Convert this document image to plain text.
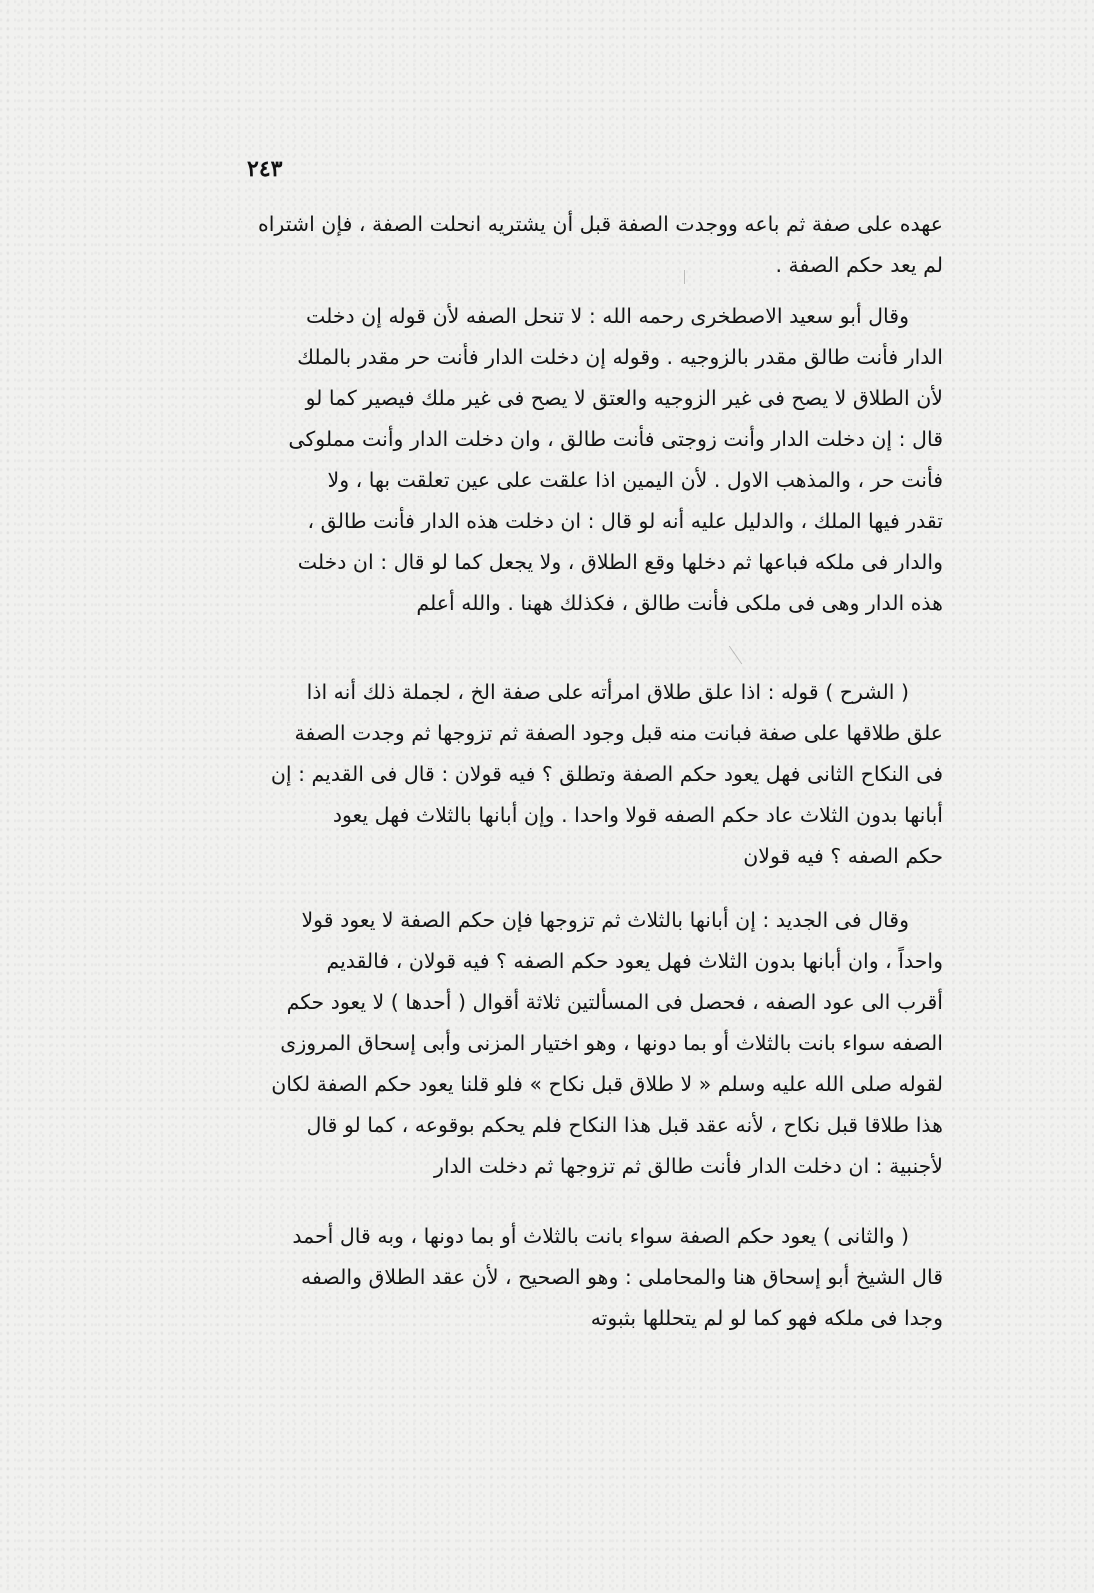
٢٤٣
عهده على صفة ثم باعه ووجدت الصفة قبل أن يشتريه انحلت الصفة ، فإن اشتراه
لم يعد حكم الصفة .
وقال أبو سعيد الاصطخرى رحمه الله : لا تنحل الصفه لأن قوله إن دخلت
الدار فأنت طالق مقدر بالزوجيه . وقوله إن دخلت الدار فأنت حر مقدر بالملك
لأن الطلاق لا يصح فى غير الزوجيه والعتق لا يصح فى غير ملك فيصير كما لو
قال : إن دخلت الدار وأنت زوجتى فأنت طالق ، وان دخلت الدار وأنت مملوكى
فأنت حر ، والمذهب الاول . لأن اليمين اذا علقت على عين تعلقت بها ، ولا
تقدر فيها الملك ، والدليل عليه أنه لو قال : ان دخلت هذه الدار فأنت طالق ،
والدار فى ملكه فباعها ثم دخلها وقع الطلاق ، ولا يجعل كما لو قال : ان دخلت
هذه الدار وهى فى ملكى فأنت طالق ، فكذلك ههنا . والله أعلم
( الشرح ) قوله : اذا علق طلاق امرأته على صفة الخ ، لجملة ذلك أنه اذا
علق طلاقها على صفة فبانت منه قبل وجود الصفة ثم تزوجها ثم وجدت الصفة
فى النكاح الثانى فهل يعود حكم الصفة وتطلق ؟ فيه قولان : قال فى القديم : إن
أبانها بدون الثلاث عاد حكم الصفه قولا واحدا . وإن أبانها بالثلاث فهل يعود
حكم الصفه ؟ فيه قولان
وقال فى الجديد : إن أبانها بالثلاث ثم تزوجها فإن حكم الصفة لا يعود قولا
واحداً ، وان أبانها بدون الثلاث فهل يعود حكم الصفه ؟ فيه قولان ، فالقديم
أقرب الى عود الصفه ، فحصل فى المسألتين ثلاثة أقوال ( أحدها ) لا يعود حكم
الصفه سواء بانت بالثلاث أو بما دونها ، وهو اختيار المزنى وأبى إسحاق المروزى
لقوله صلى الله عليه وسلم « لا طلاق قبل نكاح » فلو قلنا يعود حكم الصفة لكان
هذا طلاقا قبل نكاح ، لأنه عقد قبل هذا النكاح فلم يحكم بوقوعه ، كما لو قال
لأجنبية : ان دخلت الدار فأنت طالق ثم تزوجها ثم دخلت الدار
( والثانى ) يعود حكم الصفة سواء بانت بالثلاث أو بما دونها ، وبه قال أحمد
قال الشيخ أبو إسحاق هنا والمحاملى : وهو الصحيح ، لأن عقد الطلاق والصفه
وجدا فى ملكه فهو كما لو لم يتحللها بثبوته
